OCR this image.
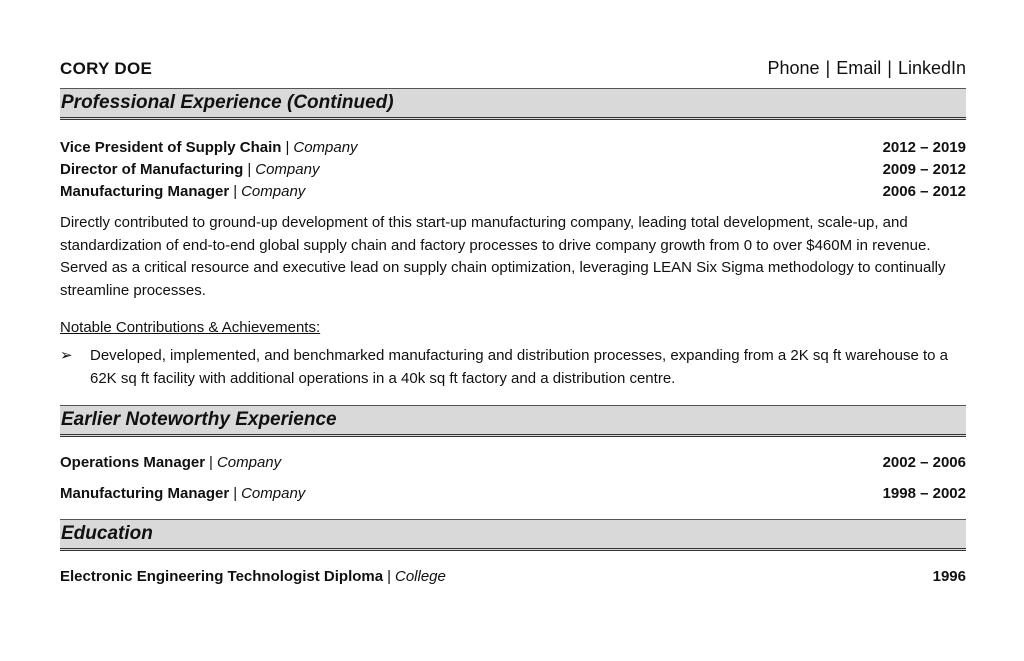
CORY DOE	Phone | Email | LinkedIn
Professional Experience (Continued)
Vice President of Supply Chain | Company	2012 – 2019
Director of Manufacturing | Company	2009 – 2012
Manufacturing Manager | Company	2006 – 2012

Directly contributed to ground-up development of this start-up manufacturing company, leading total development, scale-up, and standardization of end-to-end global supply chain and factory processes to drive company growth from 0 to over $460M in revenue. Served as a critical resource and executive lead on supply chain optimization, leveraging LEAN Six Sigma methodology to continually streamline processes.

Notable Contributions & Achievements:
➢	Developed, implemented, and benchmarked manufacturing and distribution processes, expanding from a 2K sq ft warehouse to a 62K sq ft facility with additional operations in a 40k sq ft factory and a distribution centre.
Earlier Noteworthy Experience
Operations Manager | Company	2002 – 2006
Manufacturing Manager | Company	1998 – 2002
Education
Electronic Engineering Technologist Diploma | College	1996
